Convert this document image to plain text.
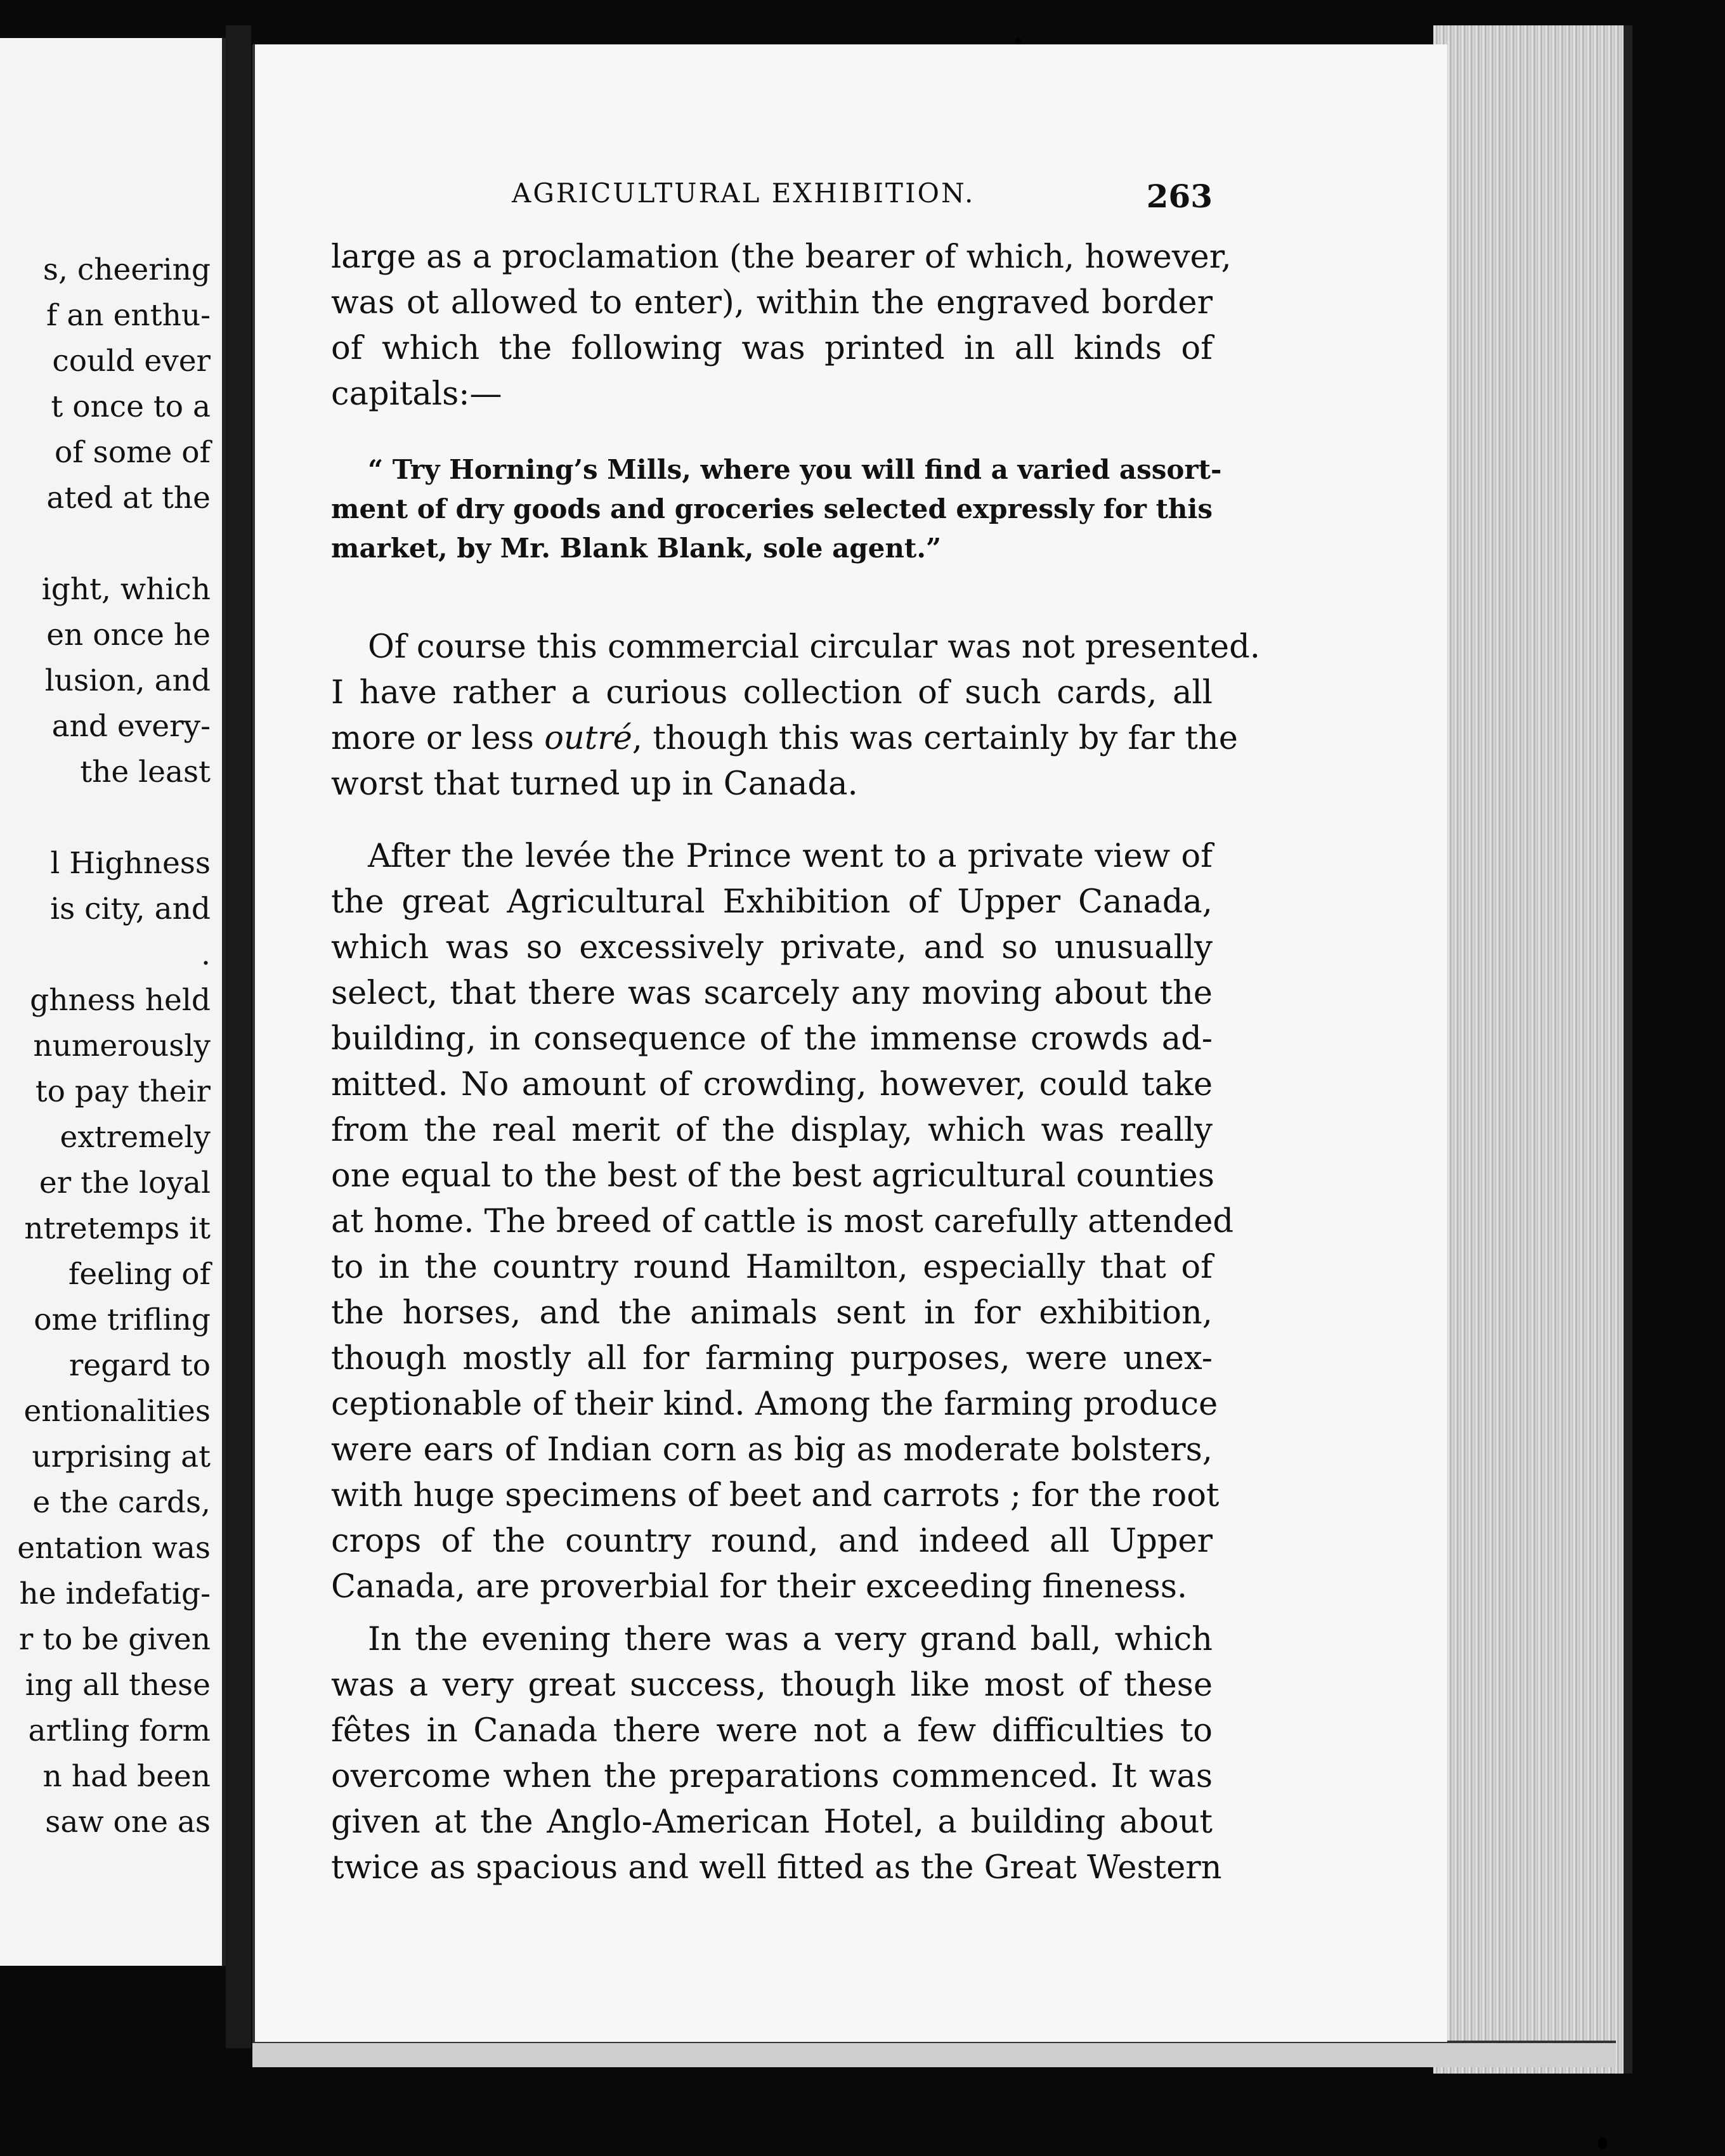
s, cheering
f an enthu-
could ever
t once to a
of some of
ated at the
ight, which
en once he
lusion, and
and every-
the least
l Highness
is city, and
.
ghness held
numerously
to pay their
extremely
er the loyal
ntretemps it
feeling of
ome trifling
regard to
entionalities
urprising at
e the cards,
entation was
he indefatig-
r to be given
ing all these
artling form
n had been
saw one as
AGRICULTURAL EXHIBITION.	263
large as a proclamation (the bearer of which, however,
was ot allowed to enter), within the engraved border
of which the following was printed in all kinds of
capitals:—
“ Try Horning’s Mills, where you will find a varied assort-
ment of dry goods and groceries selected expressly for this
market, by Mr. Blank Blank, sole agent.”
Of course this commercial circular was not presented.
I have rather a curious collection of such cards, all
more or less outré, though this was certainly by far the
worst that turned up in Canada.
After the levée the Prince went to a private view of
the great Agricultural Exhibition of Upper Canada,
which was so excessively private, and so unusually
select, that there was scarcely any moving about the
building, in consequence of the immense crowds ad-
mitted. No amount of crowding, however, could take
from the real merit of the display, which was really
one equal to the best of the best agricultural counties
at home. The breed of cattle is most carefully attended
to in the country round Hamilton, especially that of
the horses, and the animals sent in for exhibition,
though mostly all for farming purposes, were unex-
ceptionable of their kind. Among the farming produce
were ears of Indian corn as big as moderate bolsters,
with huge specimens of beet and carrots ; for the root
crops of the country round, and indeed all Upper
Canada, are proverbial for their exceeding fineness.
In the evening there was a very grand ball, which
was a very great success, though like most of these
fêtes in Canada there were not a few difficulties to
overcome when the preparations commenced. It was
given at the Anglo-American Hotel, a building about
twice as spacious and well fitted as the Great Western
